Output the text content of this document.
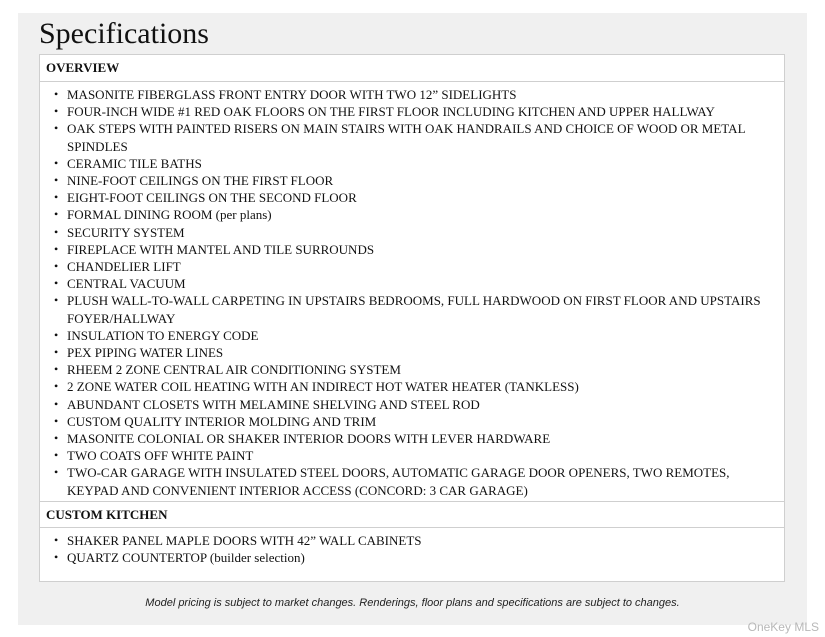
Specifications
OVERVIEW
• MASONITE FIBERGLASS FRONT ENTRY DOOR WITH TWO 12” SIDELIGHTS
• FOUR-INCH WIDE #1 RED OAK FLOORS ON THE FIRST FLOOR INCLUDING KITCHEN AND UPPER HALLWAY
• OAK STEPS WITH PAINTED RISERS ON MAIN STAIRS WITH OAK HANDRAILS AND CHOICE OF WOOD OR METAL SPINDLES
• CERAMIC TILE BATHS
• NINE-FOOT CEILINGS ON THE FIRST FLOOR
• EIGHT-FOOT CEILINGS ON THE SECOND FLOOR
• FORMAL DINING ROOM (per plans)
• SECURITY SYSTEM
• FIREPLACE WITH MANTEL AND TILE SURROUNDS
• CHANDELIER LIFT
• CENTRAL VACUUM
• PLUSH WALL-TO-WALL CARPETING IN UPSTAIRS BEDROOMS, FULL HARDWOOD ON FIRST FLOOR AND UPSTAIRS FOYER/HALLWAY
• INSULATION TO ENERGY CODE
• PEX PIPING WATER LINES
• RHEEM 2 ZONE CENTRAL AIR CONDITIONING SYSTEM
• 2 ZONE WATER COIL HEATING WITH AN INDIRECT HOT WATER HEATER (TANKLESS)
• ABUNDANT CLOSETS WITH MELAMINE SHELVING AND STEEL ROD
• CUSTOM QUALITY INTERIOR MOLDING AND TRIM
• MASONITE COLONIAL OR SHAKER INTERIOR DOORS WITH LEVER HARDWARE
• TWO COATS OFF WHITE PAINT
• TWO-CAR GARAGE WITH INSULATED STEEL DOORS, AUTOMATIC GARAGE DOOR OPENERS, TWO REMOTES, KEYPAD AND CONVENIENT INTERIOR ACCESS (CONCORD: 3 CAR GARAGE)
CUSTOM KITCHEN
• SHAKER PANEL MAPLE DOORS WITH 42” WALL CABINETS
• QUARTZ COUNTERTOP (builder selection)
Model pricing is subject to market changes. Renderings, floor plans and specifications are subject to changes.
OneKey MLS
